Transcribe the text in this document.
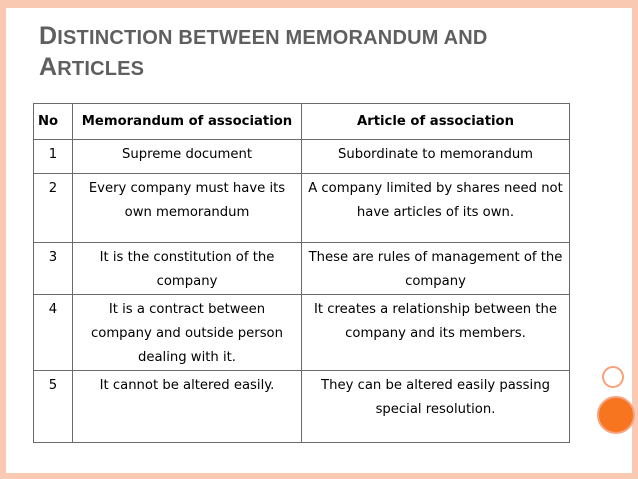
DISTINCTION BETWEEN MEMORANDUM AND
ARTICLES
No	Memorandum of association	Article of association
1	Supreme document	Subordinate to memorandum
2	Every company must have its own memorandum	A company limited by shares need not have articles of its own.
3	It is the constitution of the company	These are rules of management of the company
4	It is a contract between company and outside person dealing with it.	It creates a relationship between the company and its members.
5	It cannot be altered easily.	They can be altered easily passing special resolution.
